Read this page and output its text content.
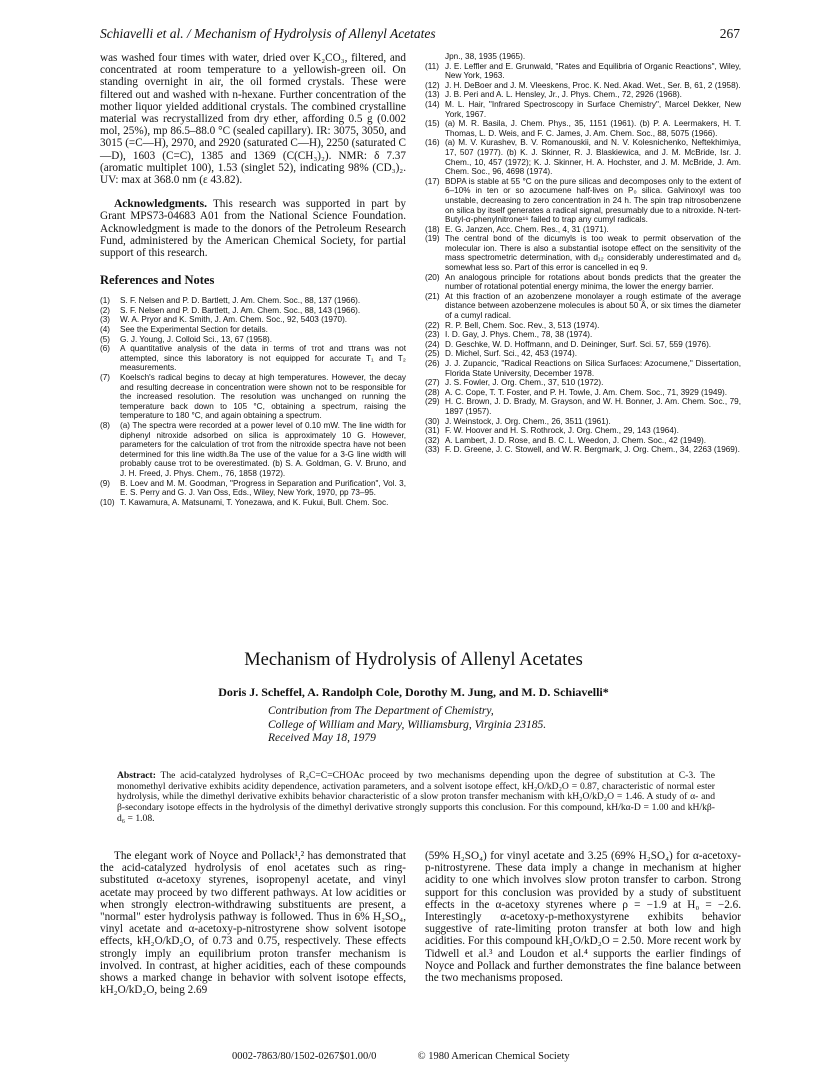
Schiavelli et al. / Mechanism of Hydrolysis of Allenyl Acetates	267

was washed four times with water, dried over K₂CO₃, filtered, and concentrated at room temperature to a yellowish-green oil. On standing overnight in air, the oil formed crystals. These were filtered out and washed with n-hexane. Further concentration of the mother liquor yielded additional crystals. The combined crystalline material was recrystallized from dry ether, affording 0.5 g (0.002 mol, 25%), mp 86.5–88.0 °C (sealed capillary). IR: 3075, 3050, and 3015 (=C—H), 2970, and 2920 (saturated C—H), 2250 (saturated C—D), 1603 (C=C), 1385 and 1369 (C(CH₃)₂). NMR: δ 7.37 (aromatic multiplet 100), 1.53 (singlet 52), indicating 98% (CD₃)₂. UV: max at 368.0 nm (ε 43.82).

Acknowledgments. This research was supported in part by Grant MPS73-04683 A01 from the National Science Foundation. Acknowledgment is made to the donors of the Petroleum Research Fund, administered by the American Chemical Society, for partial support of this research.

References and Notes

(1) S. F. Nelsen and P. D. Bartlett, J. Am. Chem. Soc., 88, 137 (1966).
(2) S. F. Nelsen and P. D. Bartlett, J. Am. Chem. Soc., 88, 143 (1966).
(3) W. A. Pryor and K. Smith, J. Am. Chem. Soc., 92, 5403 (1970).
(4) See the Experimental Section for details.
(5) G. J. Young, J. Colloid Sci., 13, 67 (1958).
(6) A quantitative analysis of the data in terms of τrot and τtrans was not attempted, since this laboratory is not equipped for accurate T₁ and T₂ measurements.
(7) Koelsch's radical begins to decay at high temperatures. However, the decay and resulting decrease in concentration were shown not to be responsible for the increased resolution. The resolution was unchanged on running the temperature back down to 105 °C, obtaining a spectrum, raising the temperature to 180 °C, and again obtaining a spectrum.
(8) (a) The spectra were recorded at a power level of 0.10 mW. The line width for diphenyl nitroxide adsorbed on silica is approximately 10 G. However, parameters for the calculation of τrot from the nitroxide spectra have not been determined for this line width.8a The use of the value for a 3-G line width will probably cause τrot to be overestimated. (b) S. A. Goldman, G. V. Bruno, and J. H. Freed, J. Phys. Chem., 76, 1858 (1972).
(9) B. Loev and M. M. Goodman, "Progress in Separation and Purification", Vol. 3, E. S. Perry and G. J. Van Oss, Eds., Wiley, New York, 1970, pp 73–95.
(10) T. Kawamura, A. Matsunami, T. Yonezawa, and K. Fukui, Bull. Chem. Soc.
Jpn., 38, 1935 (1965).
(11) J. E. Leffler and E. Grunwald, "Rates and Equilibria of Organic Reactions", Wiley, New York, 1963.
(12) J. H. DeBoer and J. M. Vleeskens, Proc. K. Ned. Akad. Wet., Ser. B, 61, 2 (1958).
(13) J. B. Peri and A. L. Hensley, Jr., J. Phys. Chem., 72, 2926 (1968).
(14) M. L. Hair, "Infrared Spectroscopy in Surface Chemistry", Marcel Dekker, New York, 1967.
(15) (a) M. R. Basila, J. Chem. Phys., 35, 1151 (1961). (b) P. A. Leermakers, H. T. Thomas, L. D. Weis, and F. C. James, J. Am. Chem. Soc., 88, 5075 (1966).
(16) (a) M. V. Kurashev, B. V. Romanouskii, and N. V. Kolesnichenko, Neftekhimiya, 17, 507 (1977). (b) K. J. Skinner, R. J. Blaskiewica, and J. M. McBride, Isr. J. Chem., 10, 457 (1972); K. J. Skinner, H. A. Hochster, and J. M. McBride, J. Am. Chem. Soc., 96, 4698 (1974).
(17) BDPA is stable at 55 °C on the pure silicas and decomposes only to the extent of 6–10% in ten or so azocumene half-lives on P₀ silica. Galvinoxyl was too unstable, decreasing to zero concentration in 24 h. The spin trap nitrosobenzene on silica by itself generates a radical signal, presumably due to a nitroxide. N-tert-Butyl-α-phenylnitrone¹⁶ failed to trap any cumyl radicals.
(18) E. G. Janzen, Acc. Chem. Res., 4, 31 (1971).
(19) The central bond of the dicumyls is too weak to permit observation of the molecular ion. There is also a substantial isotope effect on the sensitivity of the mass spectrometric determination, with d₁₂ considerably underestimated and d₆ somewhat less so. Part of this error is cancelled in eq 9.
(20) An analogous principle for rotations about bonds predicts that the greater the number of rotational potential energy minima, the lower the energy barrier.
(21) At this fraction of an azobenzene monolayer a rough estimate of the average distance between azobenzene molecules is about 50 Å, or six times the diameter of a cumyl radical.
(22) R. P. Bell, Chem. Soc. Rev., 3, 513 (1974).
(23) I. D. Gay, J. Phys. Chem., 78, 38 (1974).
(24) D. Geschke, W. D. Hoffmann, and D. Deininger, Surf. Sci. 57, 559 (1976).
(25) D. Michel, Surf. Sci., 42, 453 (1974).
(26) J. J. Zupancic, "Radical Reactions on Silica Surfaces: Azocumene," Dissertation, Florida State University, December 1978.
(27) J. S. Fowler, J. Org. Chem., 37, 510 (1972).
(28) A. C. Cope, T. T. Foster, and P. H. Towle, J. Am. Chem. Soc., 71, 3929 (1949).
(29) H. C. Brown, J. D. Brady, M. Grayson, and W. H. Bonner, J. Am. Chem. Soc., 79, 1897 (1957).
(30) J. Weinstock, J. Org. Chem., 26, 3511 (1961).
(31) F. W. Hoover and H. S. Rothrock, J. Org. Chem., 29, 143 (1964).
(32) A. Lambert, J. D. Rose, and B. C. L. Weedon, J. Chem. Soc., 42 (1949).
(33) F. D. Greene, J. C. Stowell, and W. R. Bergmark, J. Org. Chem., 34, 2263 (1969).
Mechanism of Hydrolysis of Allenyl Acetates
Doris J. Scheffel, A. Randolph Cole, Dorothy M. Jung, and M. D. Schiavelli*
Contribution from The Department of Chemistry,
College of William and Mary, Williamsburg, Virginia 23185.
Received May 18, 1979

Abstract: The acid-catalyzed hydrolyses of R₂C=C=CHOAc proceed by two mechanisms depending upon the degree of substitution at C-3. The monomethyl derivative exhibits acidity dependence, activation parameters, and a solvent isotope effect, kH₂O/kD₂O = 0.87, characteristic of normal ester hydrolysis, while the dimethyl derivative exhibits behavior characteristic of a slow proton transfer mechanism with kH₂O/kD₂O = 1.46. A study of α- and β-secondary isotope effects in the hydrolysis of the dimethyl derivative strongly supports this conclusion. For this compound, kH/kα-D = 1.00 and kH/kβ-d₆ = 1.08.

The elegant work of Noyce and Pollack¹,² has demonstrated that the acid-catalyzed hydrolysis of enol acetates such as ring-substituted α-acetoxy styrenes, isopropenyl acetate, and vinyl acetate may proceed by two different pathways. At low acidities or when strongly electron-withdrawing substituents are present, a "normal" ester hydrolysis pathway is followed. Thus in 6% H₂SO₄, vinyl acetate and α-acetoxy-p-nitrostyrene show solvent isotope effects, kH₂O/kD₂O, of 0.73 and 0.75, respectively. These effects strongly imply an equilibrium proton transfer mechanism is involved. In contrast, at higher acidities, each of these compounds shows a marked change in behavior with solvent isotope effects, kH₂O/kD₂O, being 2.69

(59% H₂SO₄) for vinyl acetate and 3.25 (69% H₂SO₄) for α-acetoxy-p-nitrostyrene. These data imply a change in mechanism at higher acidity to one which involves slow proton transfer to carbon. Strong support for this conclusion was provided by a study of substituent effects in the α-acetoxy styrenes where ρ = −1.9 at H₀ = −2.6. Interestingly α-acetoxy-p-methoxystyrene exhibits behavior suggestive of rate-limiting proton transfer at both low and high acidities. For this compound kH₂O/kD₂O = 2.50. More recent work by Tidwell et al.³ and Loudon et al.⁴ supports the earlier findings of Noyce and Pollack and further demonstrates the fine balance between the two mechanisms proposed.

0002-7863/80/1502-0267$01.00/0	© 1980 American Chemical Society
